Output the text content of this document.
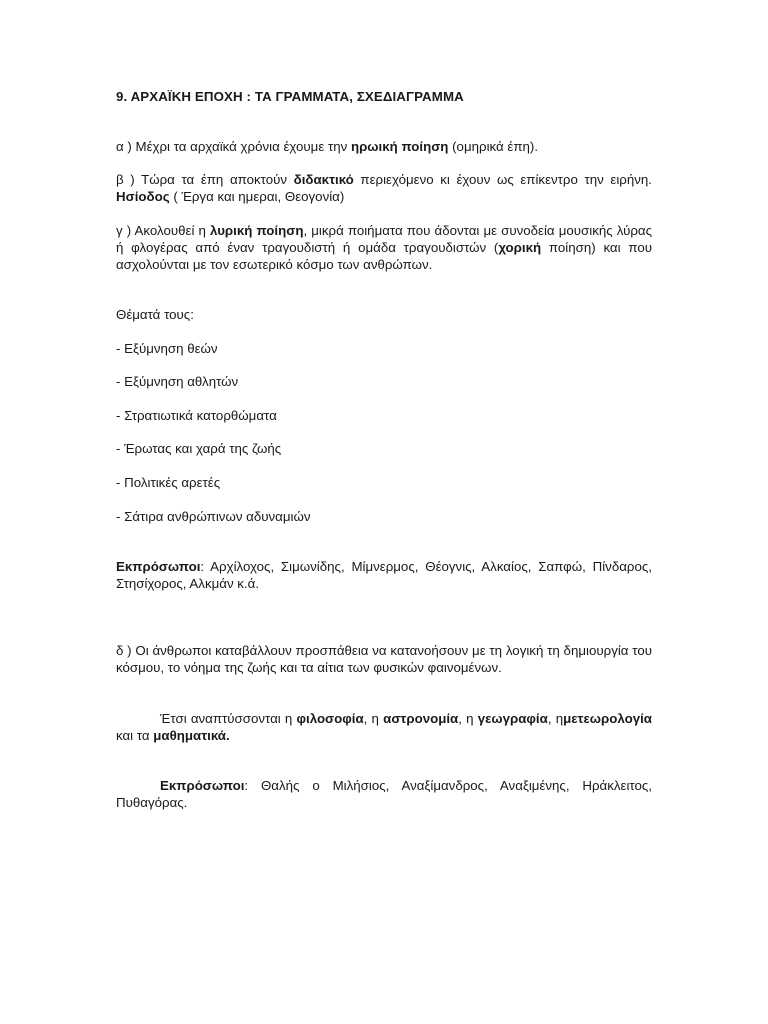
9. ΑΡΧΑΪΚΗ ΕΠΟΧΗ : ΤΑ ΓΡΑΜΜΑΤΑ, ΣΧΕΔΙΑΓΡΑΜΜΑ

α ) Μέχρι τα αρχαϊκά χρόνια έχουμε την ηρωική ποίηση (ομηρικά έπη).

β ) Τώρα τα έπη αποκτούν διδακτικό περιεχόμενο κι έχουν ως επίκεντρο την ειρήνη. Ησίοδος ( Έργα και ημεραι, Θεογονία)

γ ) Ακολουθεί η λυρική ποίηση, μικρά ποιήματα που άδονται με συνοδεία μουσικής λύρας ή φλογέρας από έναν τραγουδιστή ή ομάδα τραγουδιστών (χορική ποίηση) και που ασχολούνται με τον εσωτερικό κόσμο των ανθρώπων.

Θέματά τους:

- Εξύμνηση θεών

- Εξύμνηση αθλητών

- Στρατιωτικά κατορθώματα

- Έρωτας και χαρά της ζωής

- Πολιτικές αρετές

- Σάτιρα ανθρώπινων αδυναμιών

Εκπρόσωποι: Αρχίλοχος, Σιμωνίδης, Μίμνερμος, Θέογνις, Αλκαίος, Σαπφώ, Πίνδαρος, Στησίχορος, Αλκμάν κ.ά.

δ ) Οι άνθρωποι καταβάλλουν προσπάθεια να κατανοήσουν με τη λογική τη δημιουργία του κόσμου, το νόημα της ζωής και τα αίτια των φυσικών φαινομένων.

Έτσι αναπτύσσονται η φιλοσοφία, η αστρονομία, η γεωγραφία, ημετεωρολογία και τα μαθηματικά.

Εκπρόσωποι: Θαλής ο Μιλήσιος, Αναξίμανδρος, Αναξιμένης, Ηράκλειτος, Πυθαγόρας.
